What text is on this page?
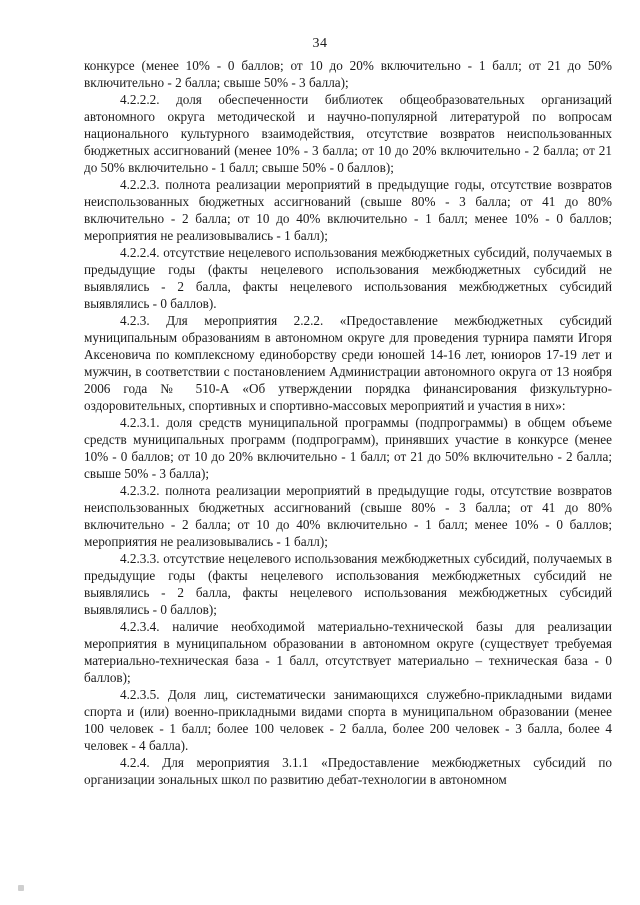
34

конкурсе (менее 10% - 0 баллов; от 10 до 20% включительно - 1 балл; от 21 до 50% включительно - 2 балла; свыше 50% - 3 балла);

4.2.2.2. доля обеспеченности библиотек общеобразовательных организаций автономного округа методической и научно-популярной литературой по вопросам национального культурного взаимодействия, отсутствие возвратов неиспользованных бюджетных ассигнований (менее 10% - 3 балла; от 10 до 20% включительно - 2 балла; от 21 до 50% включительно - 1 балл; свыше 50% - 0 баллов);

4.2.2.3. полнота реализации мероприятий в предыдущие годы, отсутствие возвратов неиспользованных бюджетных ассигнований (свыше 80% - 3 балла; от 41 до 80% включительно - 2 балла; от 10 до 40% включительно - 1 балл; менее 10% - 0 баллов; мероприятия не реализовывались - 1 балл);

4.2.2.4. отсутствие нецелевого использования межбюджетных субсидий, получаемых в предыдущие годы (факты нецелевого использования межбюджетных субсидий не выявлялись - 2 балла, факты нецелевого использования межбюджетных субсидий выявлялись - 0 баллов).

4.2.3. Для мероприятия 2.2.2. «Предоставление межбюджетных субсидий муниципальным образованиям в автономном округе для проведения турнира памяти Игоря Аксеновича по комплексному единоборству среди юношей 14-16 лет, юниоров 17-19 лет и мужчин, в соответствии с постановлением Администрации автономного округа от 13 ноября 2006 года № 510-А «Об утверждении порядка финансирования физкультурно-оздоровительных, спортивных и спортивно-массовых мероприятий и участия в них»:

4.2.3.1. доля средств муниципальной программы (подпрограммы) в общем объеме средств муниципальных программ (подпрограмм), принявших участие в конкурсе (менее 10% - 0 баллов; от 10 до 20% включительно - 1 балл; от 21 до 50% включительно - 2 балла; свыше 50% - 3 балла);

4.2.3.2. полнота реализации мероприятий в предыдущие годы, отсутствие возвратов неиспользованных бюджетных ассигнований (свыше 80% - 3 балла; от 41 до 80% включительно - 2 балла; от 10 до 40% включительно - 1 балл; менее 10% - 0 баллов; мероприятия не реализовывались - 1 балл);

4.2.3.3. отсутствие нецелевого использования межбюджетных субсидий, получаемых в предыдущие годы (факты нецелевого использования межбюджетных субсидий не выявлялись - 2 балла, факты нецелевого использования межбюджетных субсидий выявлялись - 0 баллов);

4.2.3.4. наличие необходимой материально-технической базы для реализации мероприятия в муниципальном образовании в автономном округе (существует требуемая материально-техническая база - 1 балл, отсутствует материально – техническая база - 0 баллов);

4.2.3.5. Доля лиц, систематически занимающихся служебно-прикладными видами спорта и (или) военно-прикладными видами спорта в муниципальном образовании (менее 100 человек - 1 балл; более 100 человек - 2 балла, более 200 человек - 3 балла, более 4 человек - 4 балла).

4.2.4. Для мероприятия 3.1.1 «Предоставление межбюджетных субсидий по организации зональных школ по развитию дебат-технологии в автономном
